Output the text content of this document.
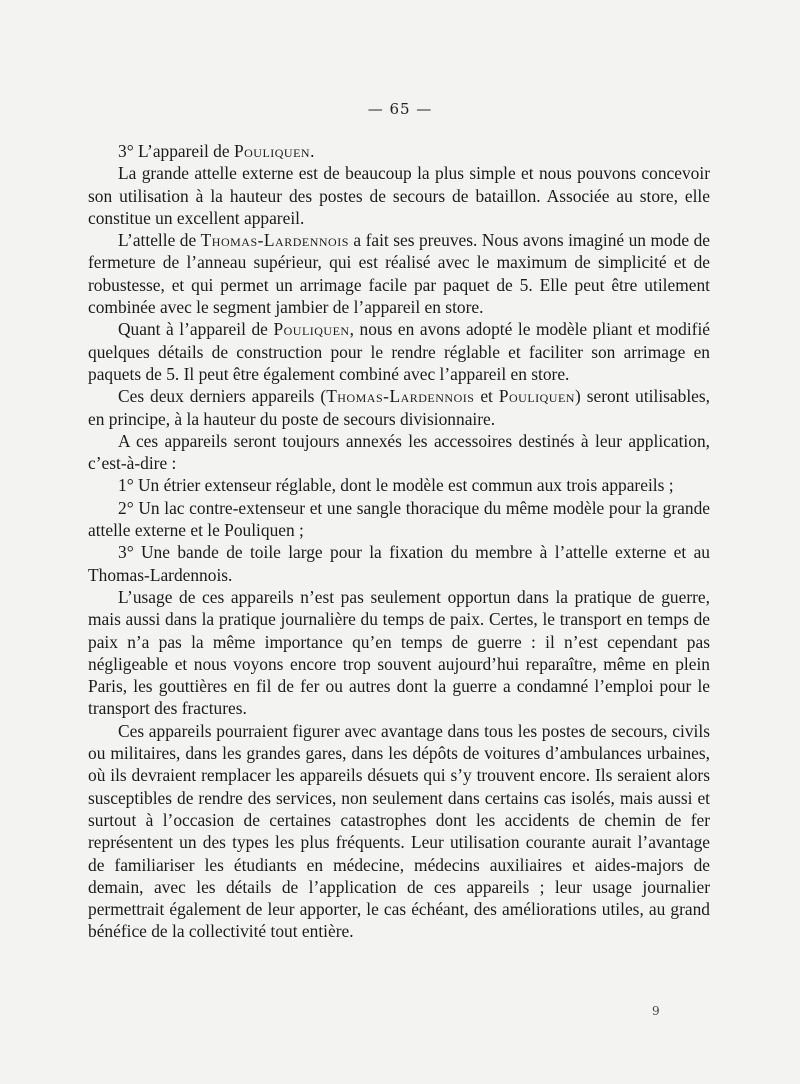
— 65 —

3° L’appareil de Pouliquen.

La grande attelle externe est de beaucoup la plus simple et nous pouvons concevoir son utilisation à la hauteur des postes de secours de bataillon. Associée au store, elle constitue un excellent appareil.

L’attelle de Thomas-Lardennois a fait ses preuves. Nous avons imaginé un mode de fermeture de l’anneau supérieur, qui est réalisé avec le maximum de simplicité et de robustesse, et qui permet un arrimage facile par paquet de 5. Elle peut être utilement combinée avec le segment jambier de l’appareil en store.

Quant à l’appareil de Pouliquen, nous en avons adopté le modèle pliant et modifié quelques détails de construction pour le rendre réglable et faciliter son arrimage en paquets de 5. Il peut être également combiné avec l’appareil en store.

Ces deux derniers appareils (Thomas-Lardennois et Pouliquen) seront utilisables, en principe, à la hauteur du poste de secours divisionnaire.

A ces appareils seront toujours annexés les accessoires destinés à leur application, c’est-à-dire :

1° Un étrier extenseur réglable, dont le modèle est commun aux trois appareils ;

2° Un lac contre-extenseur et une sangle thoracique du même modèle pour la grande attelle externe et le Pouliquen ;

3° Une bande de toile large pour la fixation du membre à l’attelle externe et au Thomas-Lardennois.

L’usage de ces appareils n’est pas seulement opportun dans la pratique de guerre, mais aussi dans la pratique journalière du temps de paix. Certes, le transport en temps de paix n’a pas la même importance qu’en temps de guerre : il n’est cependant pas négligeable et nous voyons encore trop souvent aujourd’hui reparaître, même en plein Paris, les gouttières en fil de fer ou autres dont la guerre a condamné l’emploi pour le transport des fractures.

Ces appareils pourraient figurer avec avantage dans tous les postes de secours, civils ou militaires, dans les grandes gares, dans les dépôts de voitures d’ambulances urbaines, où ils devraient remplacer les appareils désuets qui s’y trouvent encore. Ils seraient alors susceptibles de rendre des services, non seulement dans certains cas isolés, mais aussi et surtout à l’occasion de certaines catastrophes dont les accidents de chemin de fer représentent un des types les plus fréquents. Leur utilisation courante aurait l’avantage de familiariser les étudiants en médecine, médecins auxiliaires et aides-majors de demain, avec les détails de l’application de ces appareils ; leur usage journalier permettrait également de leur apporter, le cas échéant, des améliorations utiles, au grand bénéfice de la collectivité tout entière.

9
